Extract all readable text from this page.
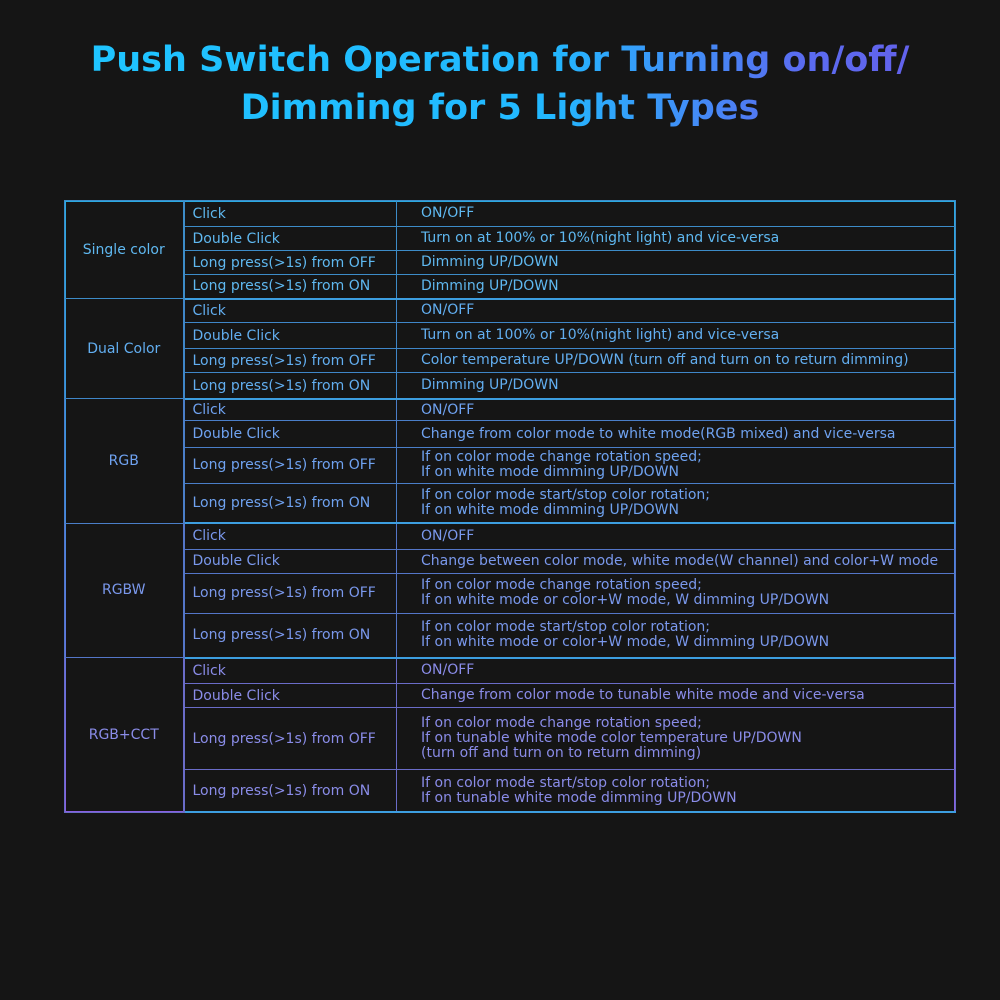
Push Switch Operation for Turning on/off/
Dimming for 5 Light Types
Single color	Click	ON/OFF

	Double Click	Turn on at 100% or 10%(night light) and vice-versa

	Long press(>1s) from OFF	Dimming UP/DOWN

	Long press(>1s) from ON	Dimming UP/DOWN

Dual Color	Click	ON/OFF

	Double Click	Turn on at 100% or 10%(night light) and vice-versa

	Long press(>1s) from OFF	Color temperature UP/DOWN (turn off and turn on to return dimming)

	Long press(>1s) from ON	Dimming UP/DOWN

RGB	Click	ON/OFF

	Double Click	Change from color mode to white mode(RGB mixed) and vice-versa

	Long press(>1s) from OFF	If on color mode change rotation speed;
If on white mode dimming UP/DOWN

	Long press(>1s) from ON	If on color mode start/stop color rotation;
If on white mode dimming UP/DOWN

RGBW	Click	ON/OFF

	Double Click	Change between color mode, white mode(W channel) and color+W mode

	Long press(>1s) from OFF	If on color mode change rotation speed;
If on white mode or color+W mode, W dimming UP/DOWN

	Long press(>1s) from ON	If on color mode start/stop color rotation;
If on white mode or color+W mode, W dimming UP/DOWN

RGB+CCT	Click	ON/OFF

	Double Click	Change from color mode to tunable white mode and vice-versa

	Long press(>1s) from OFF	If on color mode change rotation speed;
If on tunable white mode color temperature UP/DOWN
(turn off and turn on to return dimming)

	Long press(>1s) from ON	If on color mode start/stop color rotation;
If on tunable white mode dimming UP/DOWN
